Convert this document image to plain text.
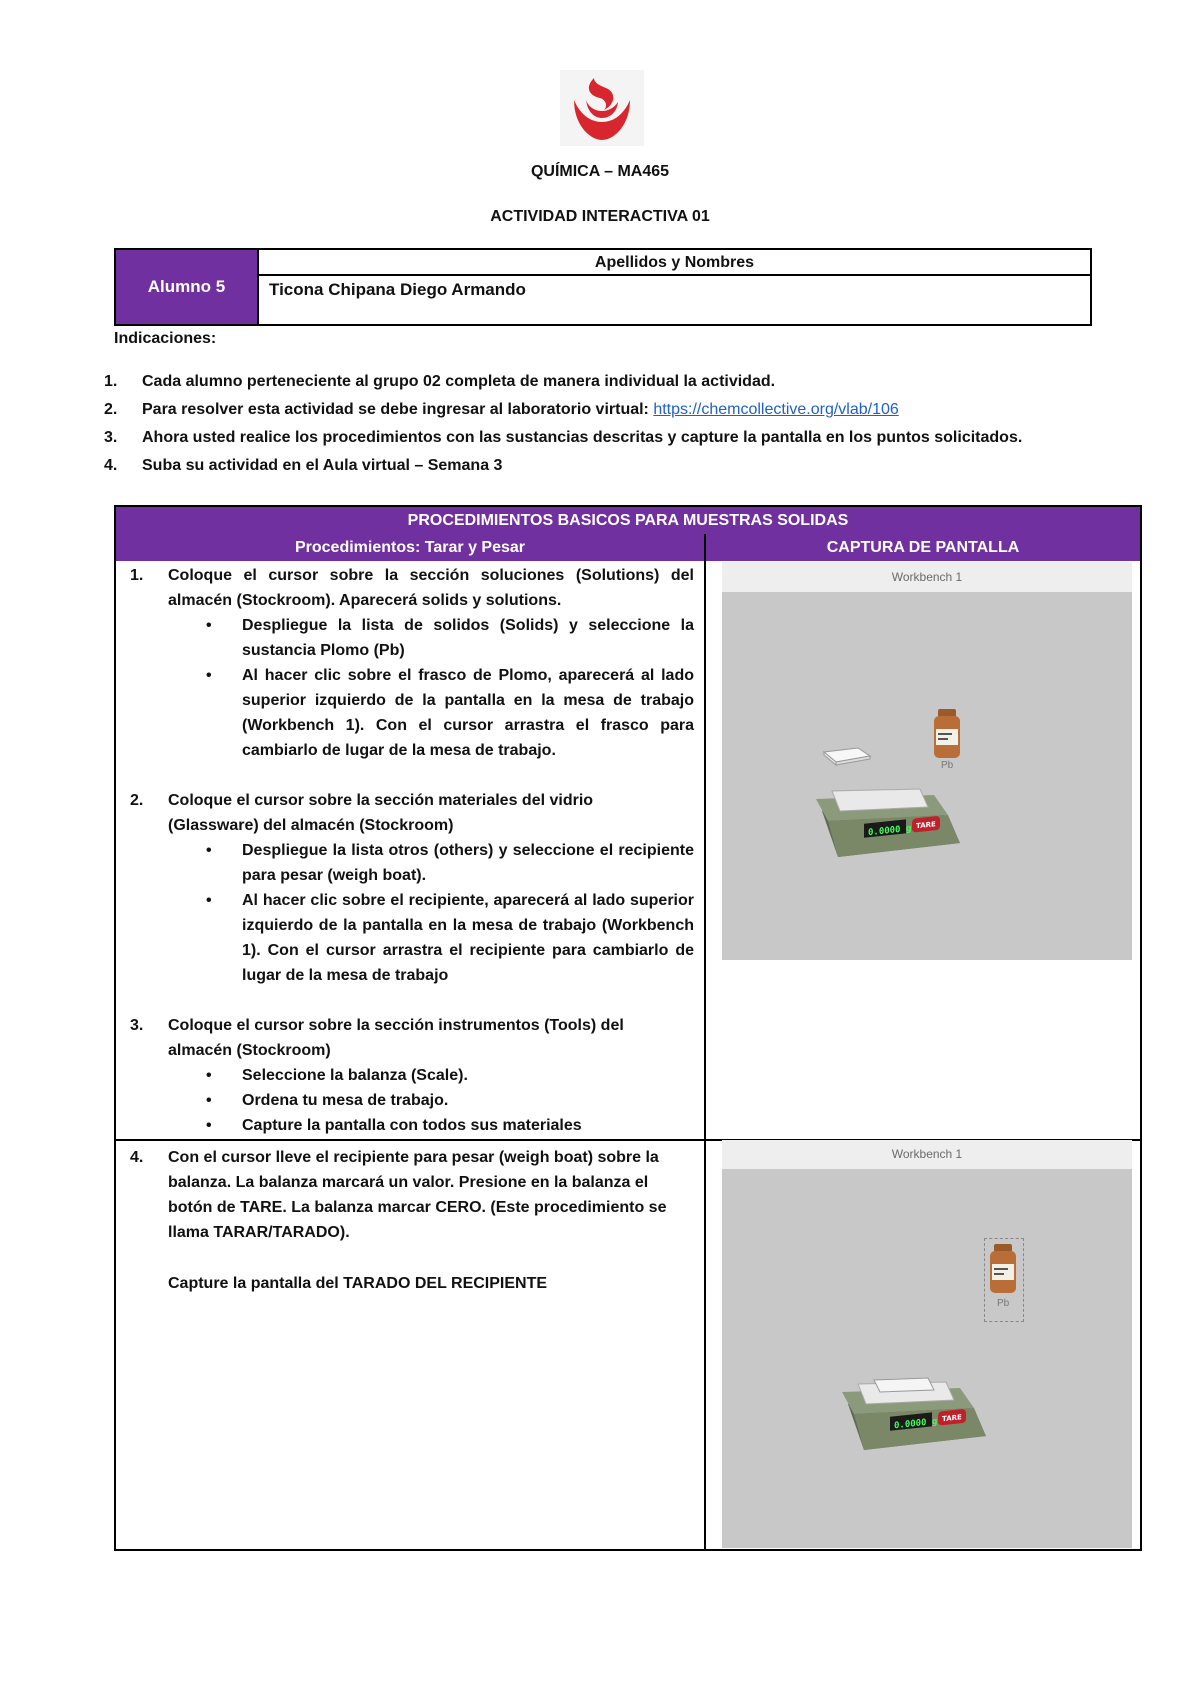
QUÍMICA – MA465
ACTIVIDAD INTERACTIVA 01
Alumno 5
Apellidos y Nombres
Ticona Chipana Diego Armando
Indicaciones:
1.	Cada alumno perteneciente al grupo 02 completa de manera individual la actividad.
2.	Para resolver esta actividad se debe ingresar al laboratorio virtual: https://chemcollective.org/vlab/106
3.	Ahora usted realice los procedimientos con las sustancias descritas y capture la pantalla en los puntos solicitados.
4.	Suba su actividad en el Aula virtual – Semana 3
PROCEDIMIENTOS BASICOS PARA MUESTRAS SOLIDAS
Procedimientos: Tarar y Pesar	CAPTURA DE PANTALLA
1. Coloque el cursor sobre la sección soluciones (Solutions) del almacén (Stockroom). Aparecerá solids y solutions.
• Despliegue la lista de solidos (Solids) y seleccione la sustancia Plomo (Pb)
• Al hacer clic sobre el frasco de Plomo, aparecerá al lado superior izquierdo de la pantalla en la mesa de trabajo (Workbench 1). Con el cursor arrastra el frasco para cambiarlo de lugar de la mesa de trabajo.
2. Coloque el cursor sobre la sección materiales del vidrio (Glassware) del almacén (Stockroom)
• Despliegue la lista otros (others) y seleccione el recipiente para pesar (weigh boat).
• Al hacer clic sobre el recipiente, aparecerá al lado superior izquierdo de la pantalla en la mesa de trabajo (Workbench 1). Con el cursor arrastra el recipiente para cambiarlo de lugar de la mesa de trabajo
3. Coloque el cursor sobre la sección instrumentos (Tools) del almacén (Stockroom)
• Seleccione la balanza (Scale).
• Ordena tu mesa de trabajo.
• Capture la pantalla con todos sus materiales
4. Con el cursor lleve el recipiente para pesar (weigh boat) sobre la balanza. La balanza marcará un valor. Presione en la balanza el botón de TARE. La balanza marcar CERO. (Este procedimiento se llama TARAR/TARADO).
Capture la pantalla del TARADO DEL RECIPIENTE
Workbench 1
Pb
0.0000 g TARE
Workbench 1
Pb
0.0000 g TARE
